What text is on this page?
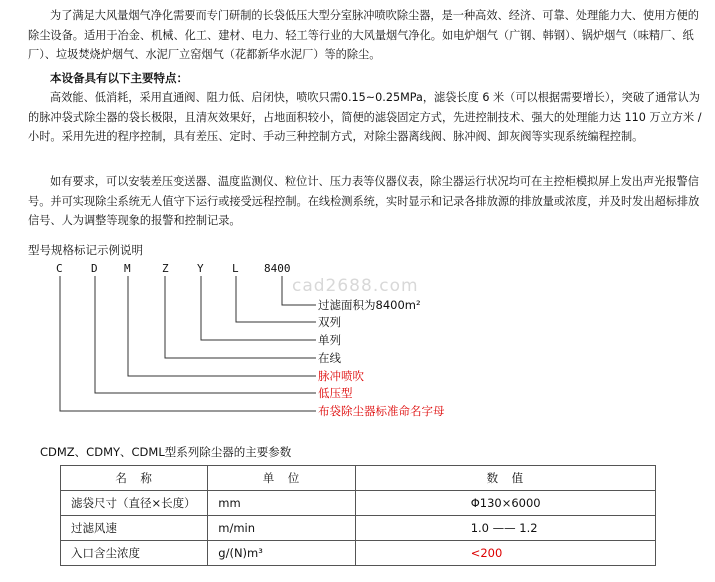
为了满足大风量烟气净化需要而专门研制的长袋低压大型分室脉冲喷吹除尘器，是一种高效、经济、可靠、处理能力大、使用方便的除尘设备。适用于冶金、机械、化工、建材、电力、轻工等行业的大风量烟气净化。如电炉烟气（广钢、韩钢）、锅炉烟气（味精厂、纸厂）、垃圾焚烧炉烟气、水泥厂立窑烟气（花都新华水泥厂）等的除尘。

本设备具有以下主要特点：

高效能、低消耗，采用直通阀、阻力低、启闭快，喷吹只需0.15~0.25MPa，滤袋长度 6 米（可以根据需要增长），突破了通常认为的脉冲袋式除尘器的袋长极限，且清灰效果好，占地面积较小，简便的滤袋固定方式，先进控制技术、强大的处理能力达 110 万立方米 / 小时。采用先进的程序控制，具有差压、定时、手动三种控制方式，对除尘器离线阀、脉冲阀、卸灰阀等实现系统编程控制。

如有要求，可以安装差压变送器、温度监测仪、粒位计、压力表等仪器仪表，除尘器运行状况均可在主控柜模拟屏上发出声光报警信号。并可实现除尘系统无人值守下运行或接受远程控制。在线检测系统，实时显示和记录各排放源的排放量或浓度，并及时发出超标排放信号、人为调整等现象的报警和控制记录。

型号规格标记示例说明
cad2688.com
C	D M	Z	Y	L 8400
过滤面积为8400m²
双列
单列
在线
脉冲喷吹
低压型
布袋除尘器标准命名字母
CDMZ、CDMY、CDML型系列除尘器的主要参数
名　称	单　位	数　值
滤袋尺寸（直径×长度）	mm	Φ130×6000
过滤风速	m/min	1.0 —— 1.2
入口含尘浓度	g/(N)m³	<200
